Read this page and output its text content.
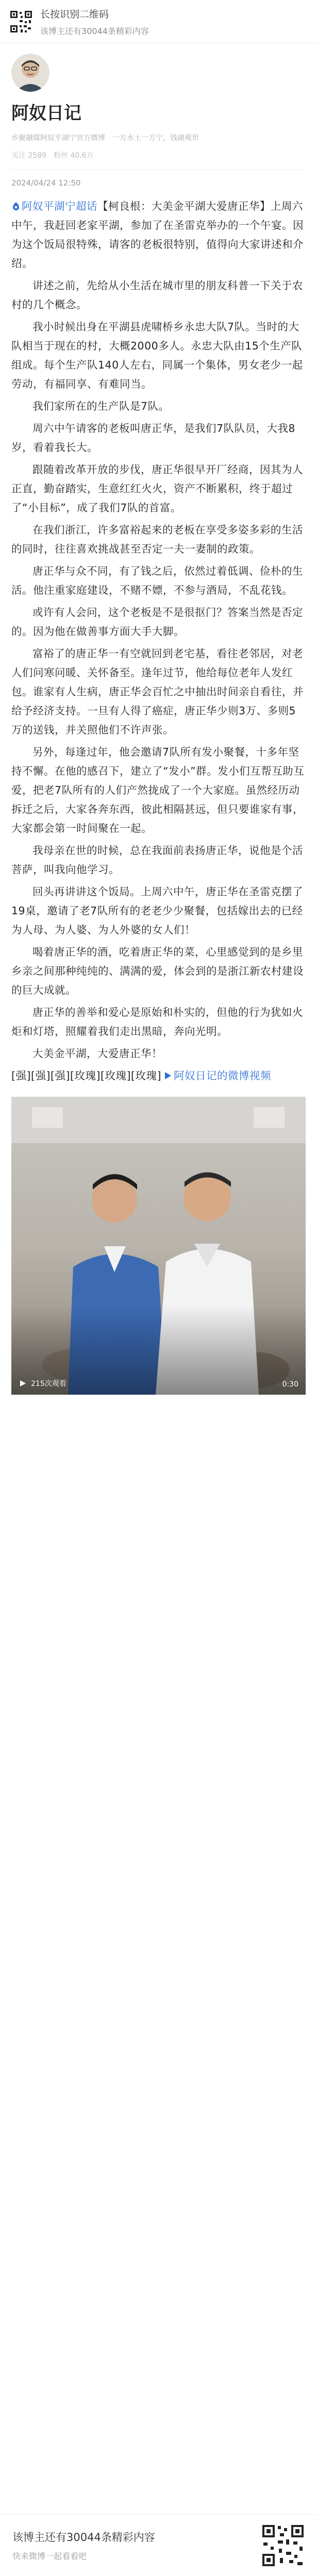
长按识别二维码
该博主还有30044条精彩内容
阿奴日记
乡聚融媒阿奴平湖宁官方微博　一方水土一方宁，钱湖观世
关注 2589　粉丝 40.6万
2024/04/24 12:50

阿奴平湖宁超话【柯良根：大美金平湖大爱唐正华】上周六中午，我赶回老家平湖，参加了在圣雷克举办的一个午宴。因为这个饭局很特殊，请客的老板很特别，值得向大家讲述和介绍。

讲述之前，先给从小生活在城市里的朋友科普一下关于农村的几个概念。

我小时候出身在平湖县虎啸桥乡永忠大队7队。当时的大队相当于现在的村，大概2000多人。永忠大队由15个生产队组成。每个生产队140人左右，同属一个集体，男女老少一起劳动，有福同享、有难同当。

我们家所在的生产队是7队。

周六中午请客的老板叫唐正华，是我们7队队员，大我8岁，看着我长大。

跟随着改革开放的步伐，唐正华很早开厂经商，因其为人正直，勤奋踏实，生意红红火火，资产不断累积，终于超过了“小目标”，成了我们7队的首富。

在我们浙江，许多富裕起来的老板在享受多姿多彩的生活的同时，往往喜欢挑战甚至否定一夫一妻制的政策。

唐正华与众不同，有了钱之后，依然过着低调、俭朴的生活。他注重家庭建设，不赌不嫖，不参与酒局，不乱花钱。

或许有人会问，这个老板是不是很抠门？答案当然是否定的。因为他在做善事方面大手大脚。

富裕了的唐正华一有空就回到老宅基，看往老邻居，对老人们问寒问暖、关怀备至。逢年过节，他给每位老年人发红包。谁家有人生病，唐正华会百忙之中抽出时间亲自看往，并给予经济支持。一旦有人得了癌症，唐正华少则3万、多则5万的送钱，并关照他们不许声张。

另外，每逢过年，他会邀请7队所有发小聚餐，十多年坚持不懈。在他的感召下，建立了“发小”群。发小们互帮互助互爱，把老7队所有的人们产然拢成了一个大家庭。虽然经历动拆迁之后，大家各奔东西，彼此相隔甚远，但只要谁家有事，大家都会第一时间聚在一起。

我母亲在世的时候，总在我面前表扬唐正华，说他是个活菩萨，叫我向他学习。

回头再讲讲这个饭局。上周六中午，唐正华在圣雷克摆了19桌，邀请了老7队所有的老老少少聚餐，包括嫁出去的已经为人母、为人婆、为人外婆的女人们！

喝着唐正华的酒，吃着唐正华的菜，心里感觉到的是乡里乡亲之间那种纯纯的、满满的爱，体会到的是浙江新农村建设的巨大成就。

唐正华的善举和爱心是原始和朴实的，但他的行为犹如火炬和灯塔，照耀着我们走出黑暗，奔向光明。

大美金平湖，大爱唐正华！

[强][强][强][玫瑰][玫瑰][玫瑰] 阿奴日记的微博视频

215次观看	0:30
该博主还有30044条精彩内容
快来微博一起看看吧
